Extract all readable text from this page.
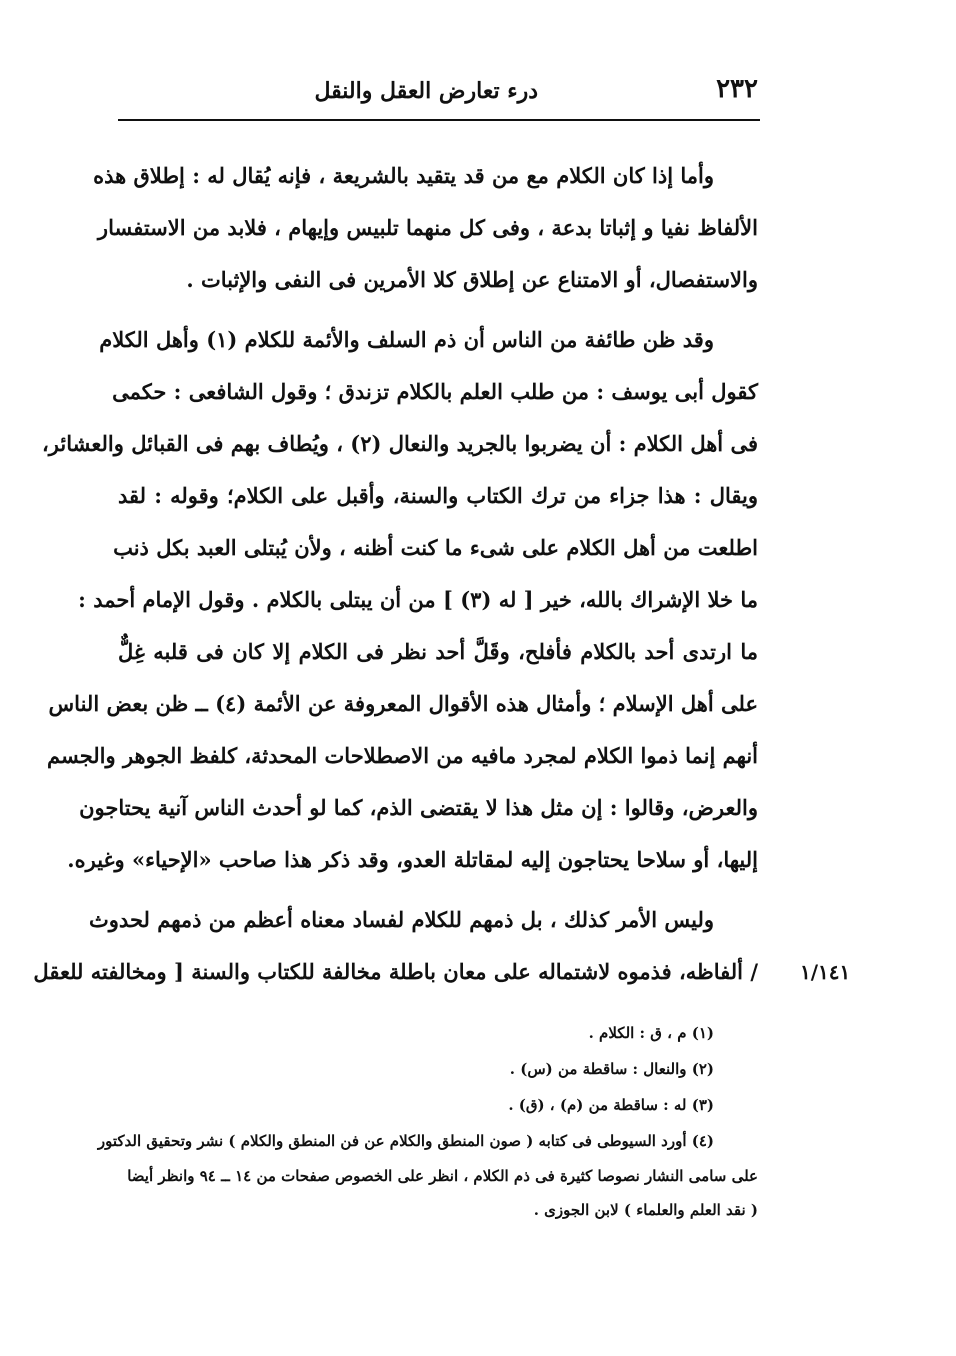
٢٣٢
درء تعارض العقل والنقل
وأما إذا كان الكلام مع من قد يتقيد بالشريعة ، فإنه يُقال له : إطلاق هذه
الألفاظ نفيا و إثباتا بدعة ، وفى كل منهما تلبيس وإيهام ، فلابد من الاستفسار
والاستفصال، أو الامتناع عن إطلاق كلا الأمرين فى النفى والإثبات .
وقد ظن طائفة من الناس أن ذم السلف والأئمة للكلام (١) وأهل الكلام
كقول أبى يوسف : من طلب العلم بالكلام تزندق ؛ وقول الشافعى : حكمى
فى أهل الكلام : أن يضربوا بالجريد والنعال (٢) ، ويُطاف بهم فى القبائل والعشائر،
ويقال : هذا جزاء من ترك الكتاب والسنة، وأقبل على الكلام؛ وقوله : لقد
اطلعت من أهل الكلام على شىء ما كنت أظنه ، ولأن يُبتلى العبد بكل ذنب
ما خلا الإشراك بالله، خير [ له (٣) ] من أن يبتلى بالكلام . وقول الإمام أحمد :
ما ارتدى أحد بالكلام فأفلح، وقَلَّ أحد نظر فى الكلام إلا كان فى قلبه غِلٌّ
على أهل الإسلام ؛ وأمثال هذه الأقوال المعروفة عن الأئمة (٤) ــ ظن بعض الناس
أنهم إنما ذموا الكلام لمجرد مافيه من الاصطلاحات المحدثة، كلفظ الجوهر والجسم
والعرض، وقالوا : إن مثل هذا لا يقتضى الذم، كما لو أحدث الناس آنية يحتاجون
إليها، أو سلاحا يحتاجون إليه لمقاتلة العدو، وقد ذكر هذا صاحب «الإحياء» وغيره.
وليس الأمر كذلك ، بل ذمهم للكلام لفساد معناه أعظم من ذمهم لحدوث
/ ألفاظه، فذموه لاشتماله على معان باطلة مخالفة للكتاب والسنة [ ومخالفته للعقل ١/١٤١
(١) م ، ق : الكلام .
(٢) والنعال : ساقطة من (س) .
(٣) له : ساقطة من (م) ، (ق) .
(٤) أورد السيوطى فى كتابه ( صون المنطق والكلام عن فن المنطق والكلام ) نشر وتحقيق الدكتور
على سامى النشار نصوصا كثيرة فى ذم الكلام ، انظر على الخصوص صفحات من ١٤ ــ ٩٤ وانظر أيضا
( نقد العلم والعلماء ) لابن الجوزى .
